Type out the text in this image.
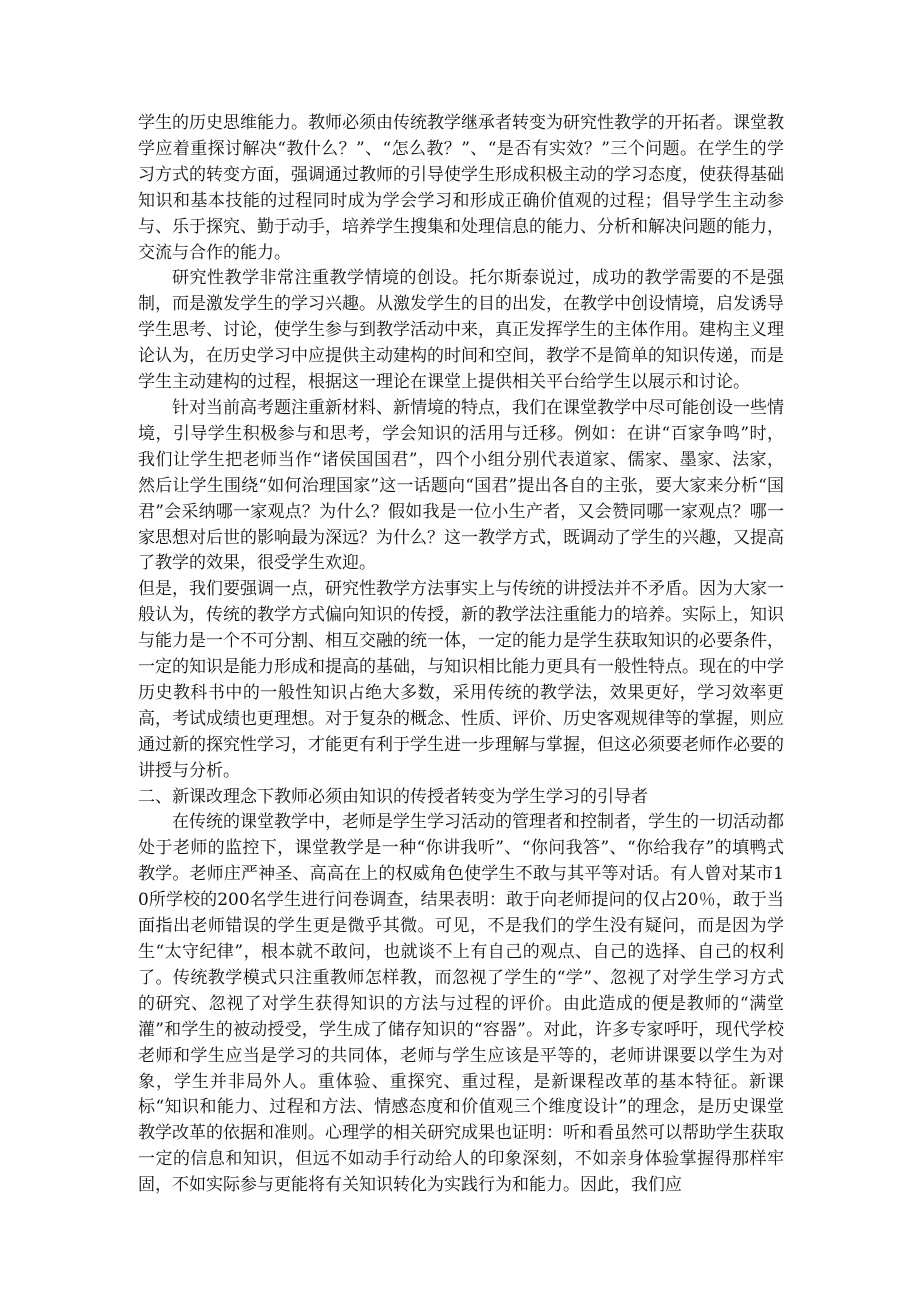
学生的历史思维能力。教师必须由传统教学继承者转变为研究性教学的开拓者。课堂教学应着重探讨解决“教什么？”、“怎么教？”、“是否有实效？”三个问题。在学生的学习方式的转变方面，强调通过教师的引导使学生形成积极主动的学习态度，使获得基础知识和基本技能的过程同时成为学会学习和形成正确价值观的过程；倡导学生主动参与、乐于探究、勤于动手，培养学生搜集和处理信息的能力、分析和解决问题的能力，交流与合作的能力。

研究性教学非常注重教学情境的创设。托尔斯泰说过，成功的教学需要的不是强制，而是激发学生的学习兴趣。从激发学生的目的出发，在教学中创设情境，启发诱导学生思考、讨论，使学生参与到教学活动中来，真正发挥学生的主体作用。建构主义理论认为，在历史学习中应提供主动建构的时间和空间，教学不是简单的知识传递，而是学生主动建构的过程，根据这一理论在课堂上提供相关平台给学生以展示和讨论。

针对当前高考题注重新材料、新情境的特点，我们在课堂教学中尽可能创设一些情境，引导学生积极参与和思考，学会知识的活用与迁移。例如：在讲“百家争鸣”时，我们让学生把老师当作“诸侯国国君”，四个小组分别代表道家、儒家、墨家、法家，然后让学生围绕“如何治理国家”这一话题向“国君”提出各自的主张，要大家来分析“国君”会采纳哪一家观点？为什么？假如我是一位小生产者，又会赞同哪一家观点？哪一家思想对后世的影响最为深远？为什么？这一教学方式，既调动了学生的兴趣，又提高了教学的效果，很受学生欢迎。

但是，我们要强调一点，研究性教学方法事实上与传统的讲授法并不矛盾。因为大家一般认为，传统的教学方式偏向知识的传授，新的教学法注重能力的培养。实际上，知识与能力是一个不可分割、相互交融的统一体，一定的能力是学生获取知识的必要条件，一定的知识是能力形成和提高的基础，与知识相比能力更具有一般性特点。现在的中学历史教科书中的一般性知识占绝大多数，采用传统的教学法，效果更好，学习效率更高，考试成绩也更理想。对于复杂的概念、性质、评价、历史客观规律等的掌握，则应通过新的探究性学习，才能更有利于学生进一步理解与掌握，但这必须要老师作必要的讲授与分析。

二、新课改理念下教师必须由知识的传授者转变为学生学习的引导者

在传统的课堂教学中，老师是学生学习活动的管理者和控制者，学生的一切活动都处于老师的监控下，课堂教学是一种“你讲我听”、“你问我答”、“你给我存”的填鸭式教学。老师庄严神圣、高高在上的权威角色使学生不敢与其平等对话。有人曾对某市10所学校的200名学生进行问卷调查，结果表明：敢于向老师提问的仅占20％，敢于当面指出老师错误的学生更是微乎其微。可见，不是我们的学生没有疑问，而是因为学生“太守纪律”，根本就不敢问，也就谈不上有自己的观点、自己的选择、自己的权利了。传统教学模式只注重教师怎样教，而忽视了学生的“学”、忽视了对学生学习方式的研究、忽视了对学生获得知识的方法与过程的评价。由此造成的便是教师的“满堂灌”和学生的被动授受，学生成了储存知识的“容器”。对此，许多专家呼吁，现代学校老师和学生应当是学习的共同体，老师与学生应该是平等的，老师讲课要以学生为对象，学生并非局外人。重体验、重探究、重过程，是新课程改革的基本特征。新课标“知识和能力、过程和方法、情感态度和价值观三个维度设计”的理念，是历史课堂教学改革的依据和准则。心理学的相关研究成果也证明：听和看虽然可以帮助学生获取一定的信息和知识，但远不如动手行动给人的印象深刻，不如亲身体验掌握得那样牢固，不如实际参与更能将有关知识转化为实践行为和能力。因此，我们应
